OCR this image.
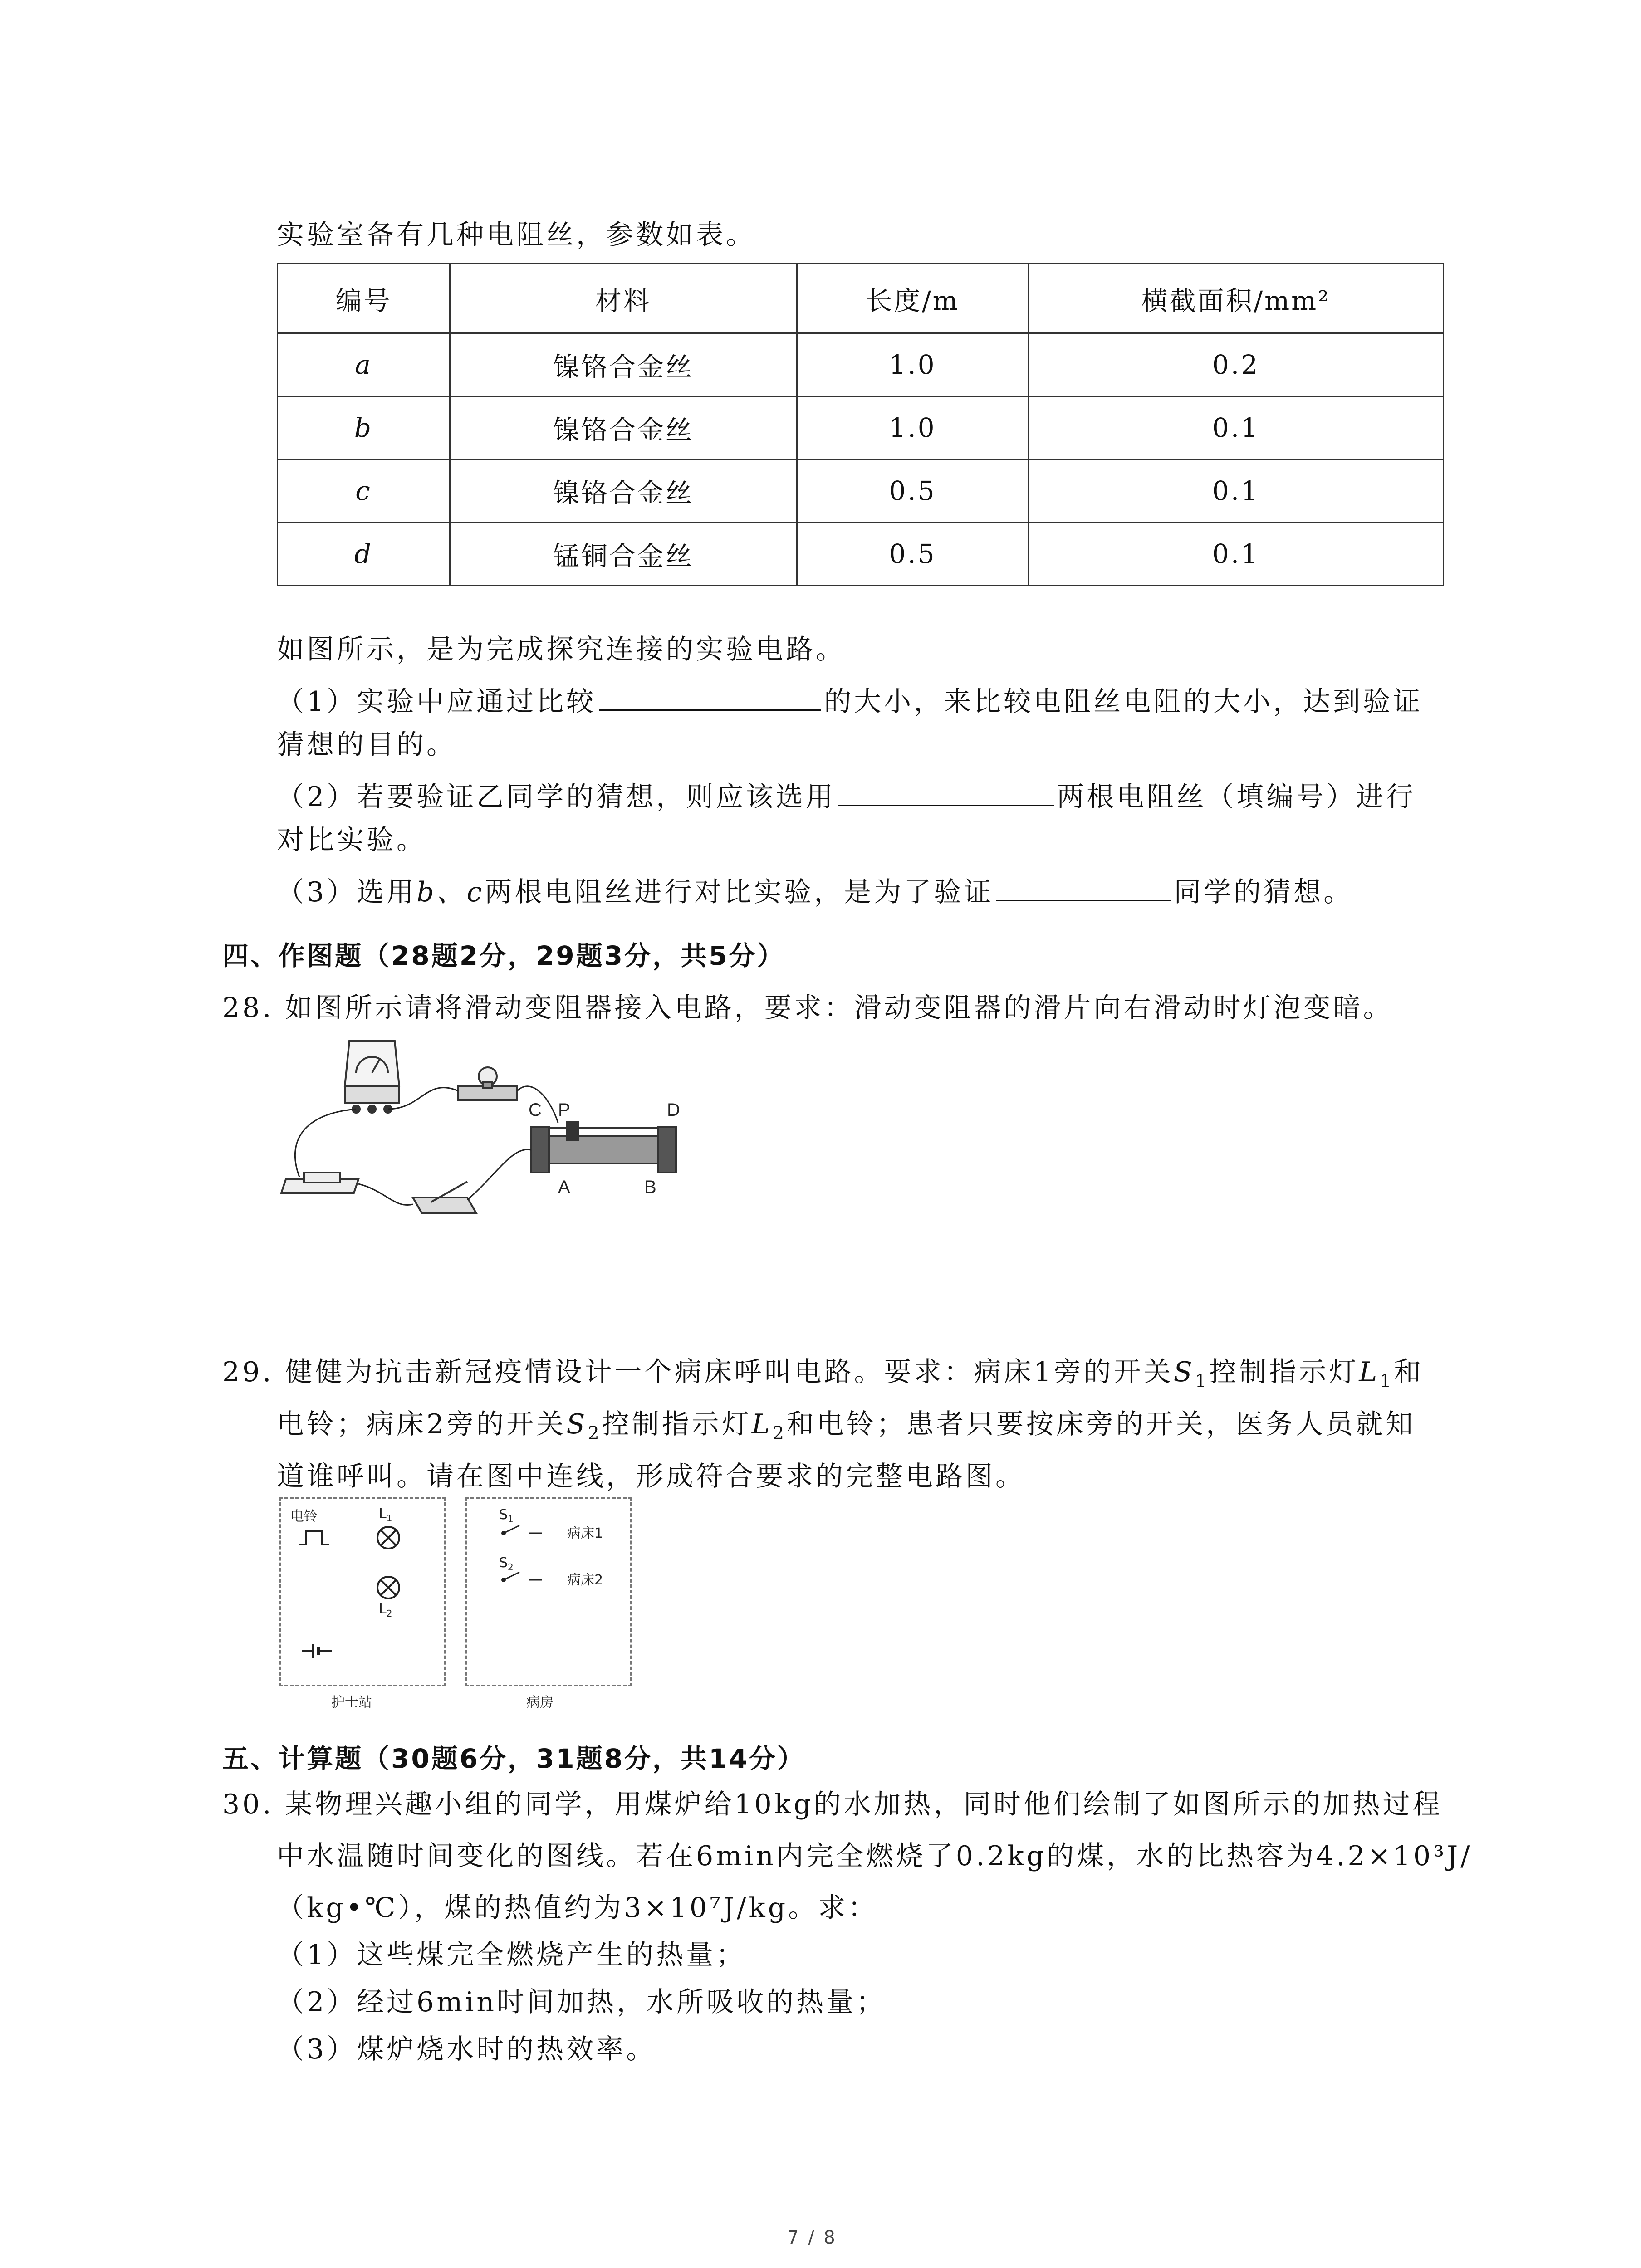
实验室备有几种电阻丝，参数如表。
编号	材料	长度/m	横截面积/mm²
a	镍铬合金丝	1.0	0.2
b	镍铬合金丝	1.0	0.1
c	镍铬合金丝	0.5	0.1
d	锰铜合金丝	0.5	0.1
如图所示，是为完成探究连接的实验电路。
（1）实验中应通过比较	的大小，来比较电阻丝电阻的大小，达到验证
猜想的目的。
（2）若要验证乙同学的猜想，则应该选用	两根电阻丝（填编号）进行
对比实验。
（3）选用b、c两根电阻丝进行对比实验，是为了验证	同学的猜想。
四、作图题（28题2分，29题3分，共5分）
28. 如图所示请将滑动变阻器接入电路，要求：滑动变阻器的滑片向右滑动时灯泡变暗。
C P	D
A	B
29. 健健为抗击新冠疫情设计一个病床呼叫电路。要求：病床1旁的开关$S_1$控制指示灯$L_1$和
电铃；病床2旁的开关$S_2$控制指示灯$L_2$和电铃；患者只要按床旁的开关，医务人员就知
道谁呼叫。请在图中连线，形成符合要求的完整电路图。
电铃	$L_1$
$L_2$
$S_1$
病床1
$S_2$
病床2
护士站	病房
五、计算题（30题6分，31题8分，共14分）
30. 某物理兴趣小组的同学，用煤炉给10kg的水加热，同时他们绘制了如图所示的加热过程
中水温随时间变化的图线。若在6min内完全燃烧了0.2kg的煤，水的比热容为4.2×10³J/
（kg•℃），煤的热值约为3×10⁷J/kg。求：
（1）这些煤完全燃烧产生的热量；
（2）经过6min时间加热，水所吸收的热量；
（3）煤炉烧水时的热效率。
7 / 8
